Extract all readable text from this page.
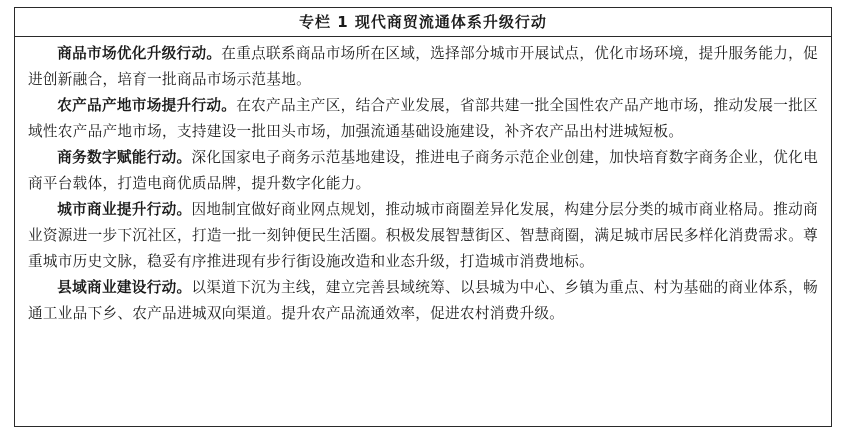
专栏 1 现代商贸流通体系升级行动

商品市场优化升级行动。在重点联系商品市场所在区域，选择部分城市开展试点，优化市场环境，提升服务能力，促进创新融合，培育一批商品市场示范基地。

农产品产地市场提升行动。在农产品主产区，结合产业发展，省部共建一批全国性农产品产地市场，推动发展一批区域性农产品产地市场，支持建设一批田头市场，加强流通基础设施建设，补齐农产品出村进城短板。

商务数字赋能行动。深化国家电子商务示范基地建设，推进电子商务示范企业创建，加快培育数字商务企业，优化电商平台载体，打造电商优质品牌，提升数字化能力。

城市商业提升行动。因地制宜做好商业网点规划，推动城市商圈差异化发展，构建分层分类的城市商业格局。推动商业资源进一步下沉社区，打造一批一刻钟便民生活圈。积极发展智慧街区、智慧商圈，满足城市居民多样化消费需求。尊重城市历史文脉，稳妥有序推进现有步行街设施改造和业态升级，打造城市消费地标。

县域商业建设行动。以渠道下沉为主线，建立完善县域统筹、以县城为中心、乡镇为重点、村为基础的商业体系，畅通工业品下乡、农产品进城双向渠道。提升农产品流通效率，促进农村消费升级。
